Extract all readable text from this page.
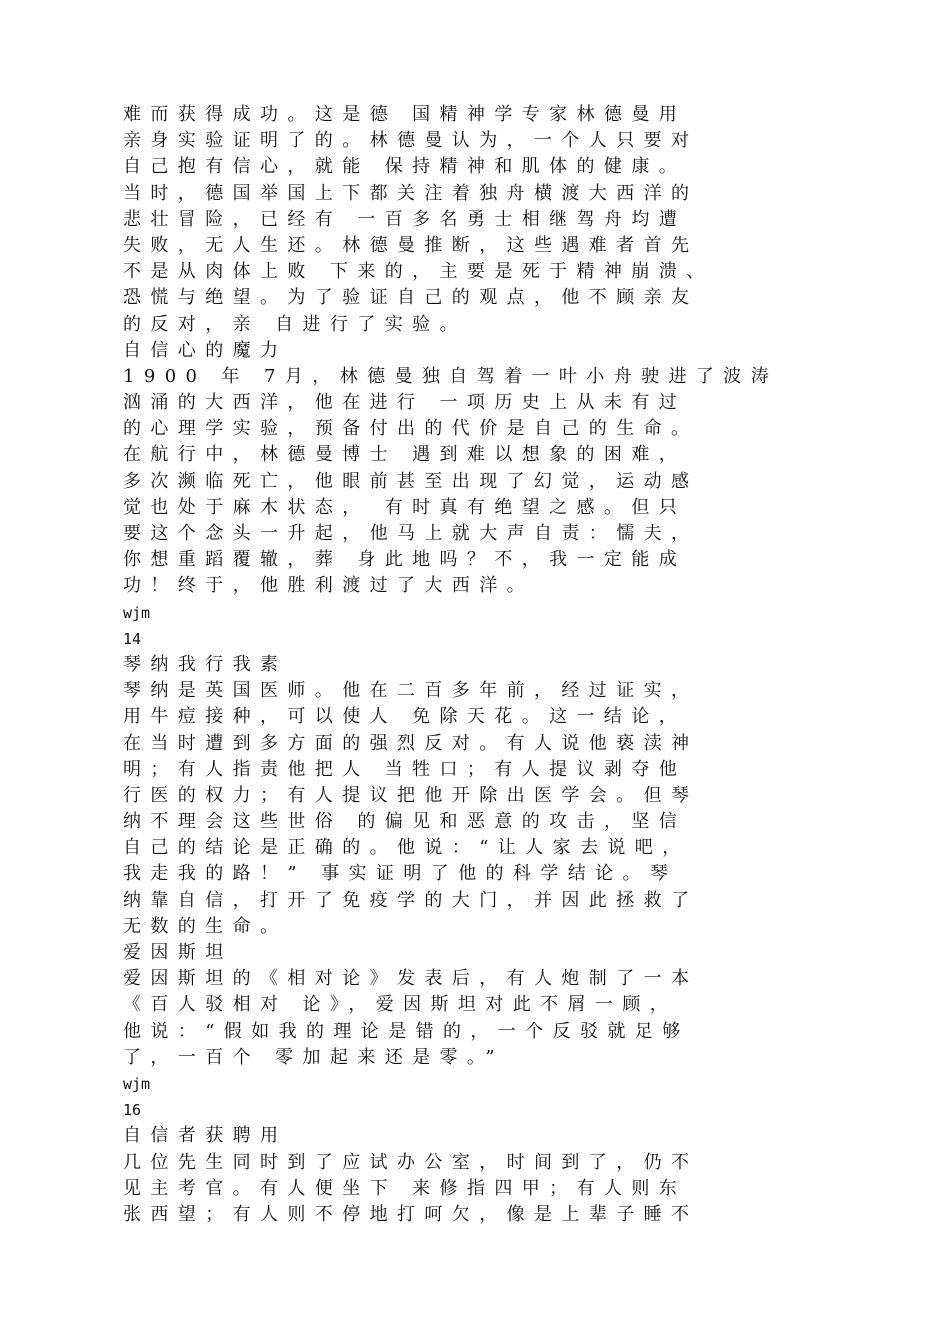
难而获得成功。这是德 国精神学专家林德曼用
亲身实验证明了的。林德曼认为，一个人只要对
自己抱有信心，就能 保持精神和肌体的健康。
当时，德国举国上下都关注着独舟横渡大西洋的
悲壮冒险，已经有 一百多名勇士相继驾舟均遭
失败，无人生还。林德曼推断，这些遇难者首先
不是从肉体上败 下来的，主要是死于精神崩溃、
恐慌与绝望。为了验证自己的观点，他不顾亲友
的反对，亲 自进行了实验。
自信心的魔力
1900 年 7月，林德曼独自驾着一叶小舟驶进了波涛
汹涌的大西洋，他在进行 一项历史上从未有过
的心理学实验，预备付出的代价是自己的生命。
在航行中，林德曼博士 遇到难以想象的困难，
多次濒临死亡，他眼前甚至出现了幻觉，运动感
觉也处于麻木状态， 有时真有绝望之感。但只
要这个念头一升起，他马上就大声自责：懦夫，
你想重蹈覆辙，葬 身此地吗？不，我一定能成
功！终于，他胜利渡过了大西洋。
wjm
14
琴纳我行我素
琴纳是英国医师。他在二百多年前，经过证实，
用牛痘接种，可以使人 免除天花。这一结论，
在当时遭到多方面的强烈反对。有人说他亵渎神
明；有人指责他把人 当牲口；有人提议剥夺他
行医的权力；有人提议把他开除出医学会。但琴
纳不理会这些世俗 的偏见和恶意的攻击，坚信
自己的结论是正确的。他说：“让人家去说吧，
我走我的路！” 事实证明了他的科学结论。琴
纳靠自信，打开了免疫学的大门，并因此拯救了
无数的生命。
爱因斯坦
爱因斯坦的《相对论》发表后，有人炮制了一本
《百人驳相对 论》，爱因斯坦对此不屑一顾，
他说：“假如我的理论是错的，一个反驳就足够
了，一百个 零加起来还是零。”
wjm
16
自信者获聘用
几位先生同时到了应试办公室，时间到了，仍不
见主考官。有人便坐下 来修指四甲；有人则东
张西望；有人则不停地打呵欠，像是上辈子睡不
